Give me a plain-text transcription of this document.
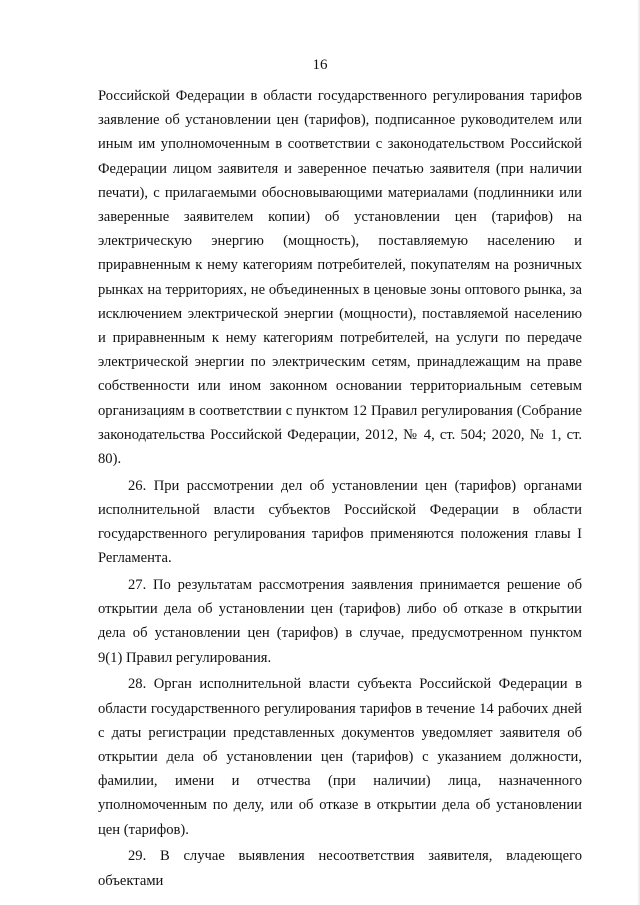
16

Российской Федерации в области государственного регулирования тарифов заявление об установлении цен (тарифов), подписанное руководителем или иным им уполномоченным в соответствии с законодательством Российской Федерации лицом заявителя и заверенное печатью заявителя (при наличии печати), с прилагаемыми обосновывающими материалами (подлинники или заверенные заявителем копии) об установлении цен (тарифов) на электрическую энергию (мощность), поставляемую населению и приравненным к нему категориям потребителей, покупателям на розничных рынках на территориях, не объединенных в ценовые зоны оптового рынка, за исключением электрической энергии (мощности), поставляемой населению и приравненным к нему категориям потребителей, на услуги по передаче электрической энергии по электрическим сетям, принадлежащим на праве собственности или ином законном основании территориальным сетевым организациям в соответствии с пунктом 12 Правил регулирования (Собрание законодательства Российской Федерации, 2012, № 4, ст. 504; 2020, № 1, ст. 80).

26. При рассмотрении дел об установлении цен (тарифов) органами исполнительной власти субъектов Российской Федерации в области государственного регулирования тарифов применяются положения главы I Регламента.

27. По результатам рассмотрения заявления принимается решение об открытии дела об установлении цен (тарифов) либо об отказе в открытии дела об установлении цен (тарифов) в случае, предусмотренном пунктом 9(1) Правил регулирования.

28. Орган исполнительной власти субъекта Российской Федерации в области государственного регулирования тарифов в течение 14 рабочих дней с даты регистрации представленных документов уведомляет заявителя об открытии дела об установлении цен (тарифов) с указанием должности, фамилии, имени и отчества (при наличии) лица, назначенного уполномоченным по делу, или об отказе в открытии дела об установлении цен (тарифов).

29. В случае выявления несоответствия заявителя, владеющего объектами
